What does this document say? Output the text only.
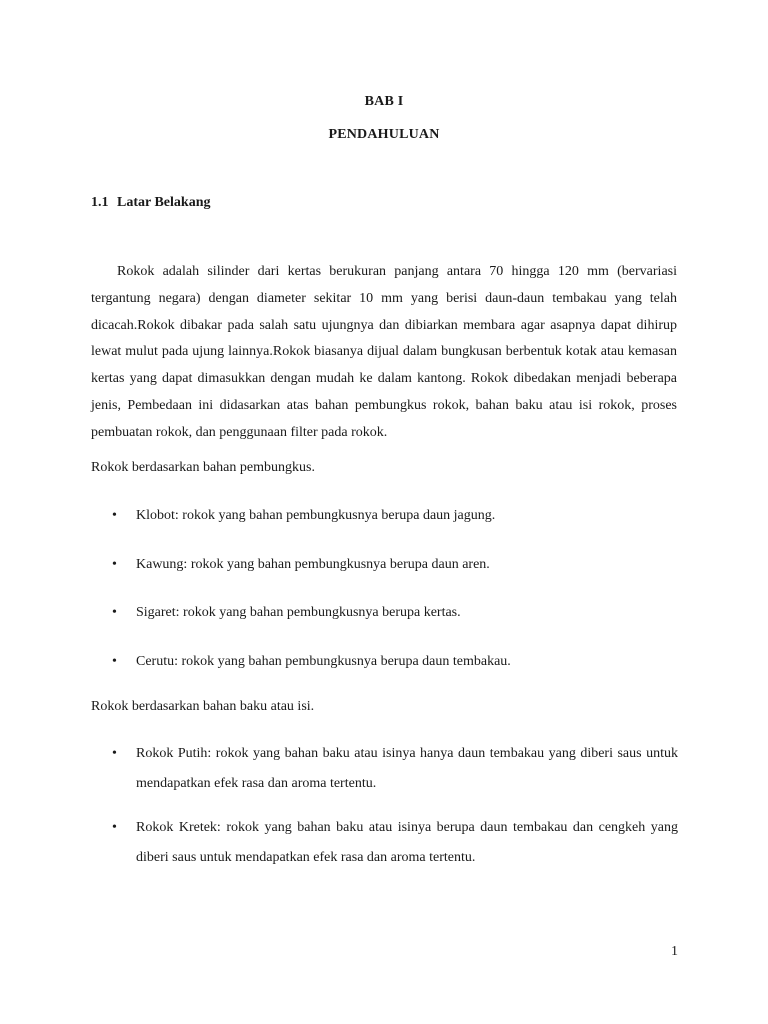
BAB I
PENDAHULUAN
1.1 Latar Belakang
Rokok adalah silinder dari kertas berukuran panjang antara 70 hingga 120 mm (bervariasi tergantung negara) dengan diameter sekitar 10 mm yang berisi daun-daun tembakau yang telah dicacah.Rokok dibakar pada salah satu ujungnya dan dibiarkan membara agar asapnya dapat dihirup lewat mulut pada ujung lainnya.Rokok biasanya dijual dalam bungkusan berbentuk kotak atau kemasan kertas yang dapat dimasukkan dengan mudah ke dalam kantong. Rokok dibedakan menjadi beberapa jenis, Pembedaan ini didasarkan atas bahan pembungkus rokok, bahan baku atau isi rokok, proses pembuatan rokok, dan penggunaan filter pada rokok.
Rokok berdasarkan bahan pembungkus.
•	Klobot: rokok yang bahan pembungkusnya berupa daun jagung.
•	Kawung: rokok yang bahan pembungkusnya berupa daun aren.
•	Sigaret: rokok yang bahan pembungkusnya berupa kertas.
•	Cerutu: rokok yang bahan pembungkusnya berupa daun tembakau.
Rokok berdasarkan bahan baku atau isi.
•	Rokok Putih: rokok yang bahan baku atau isinya hanya daun tembakau yang diberi saus untuk mendapatkan efek rasa dan aroma tertentu.
•	Rokok Kretek: rokok yang bahan baku atau isinya berupa daun tembakau dan cengkeh yang diberi saus untuk mendapatkan efek rasa dan aroma tertentu.
1
